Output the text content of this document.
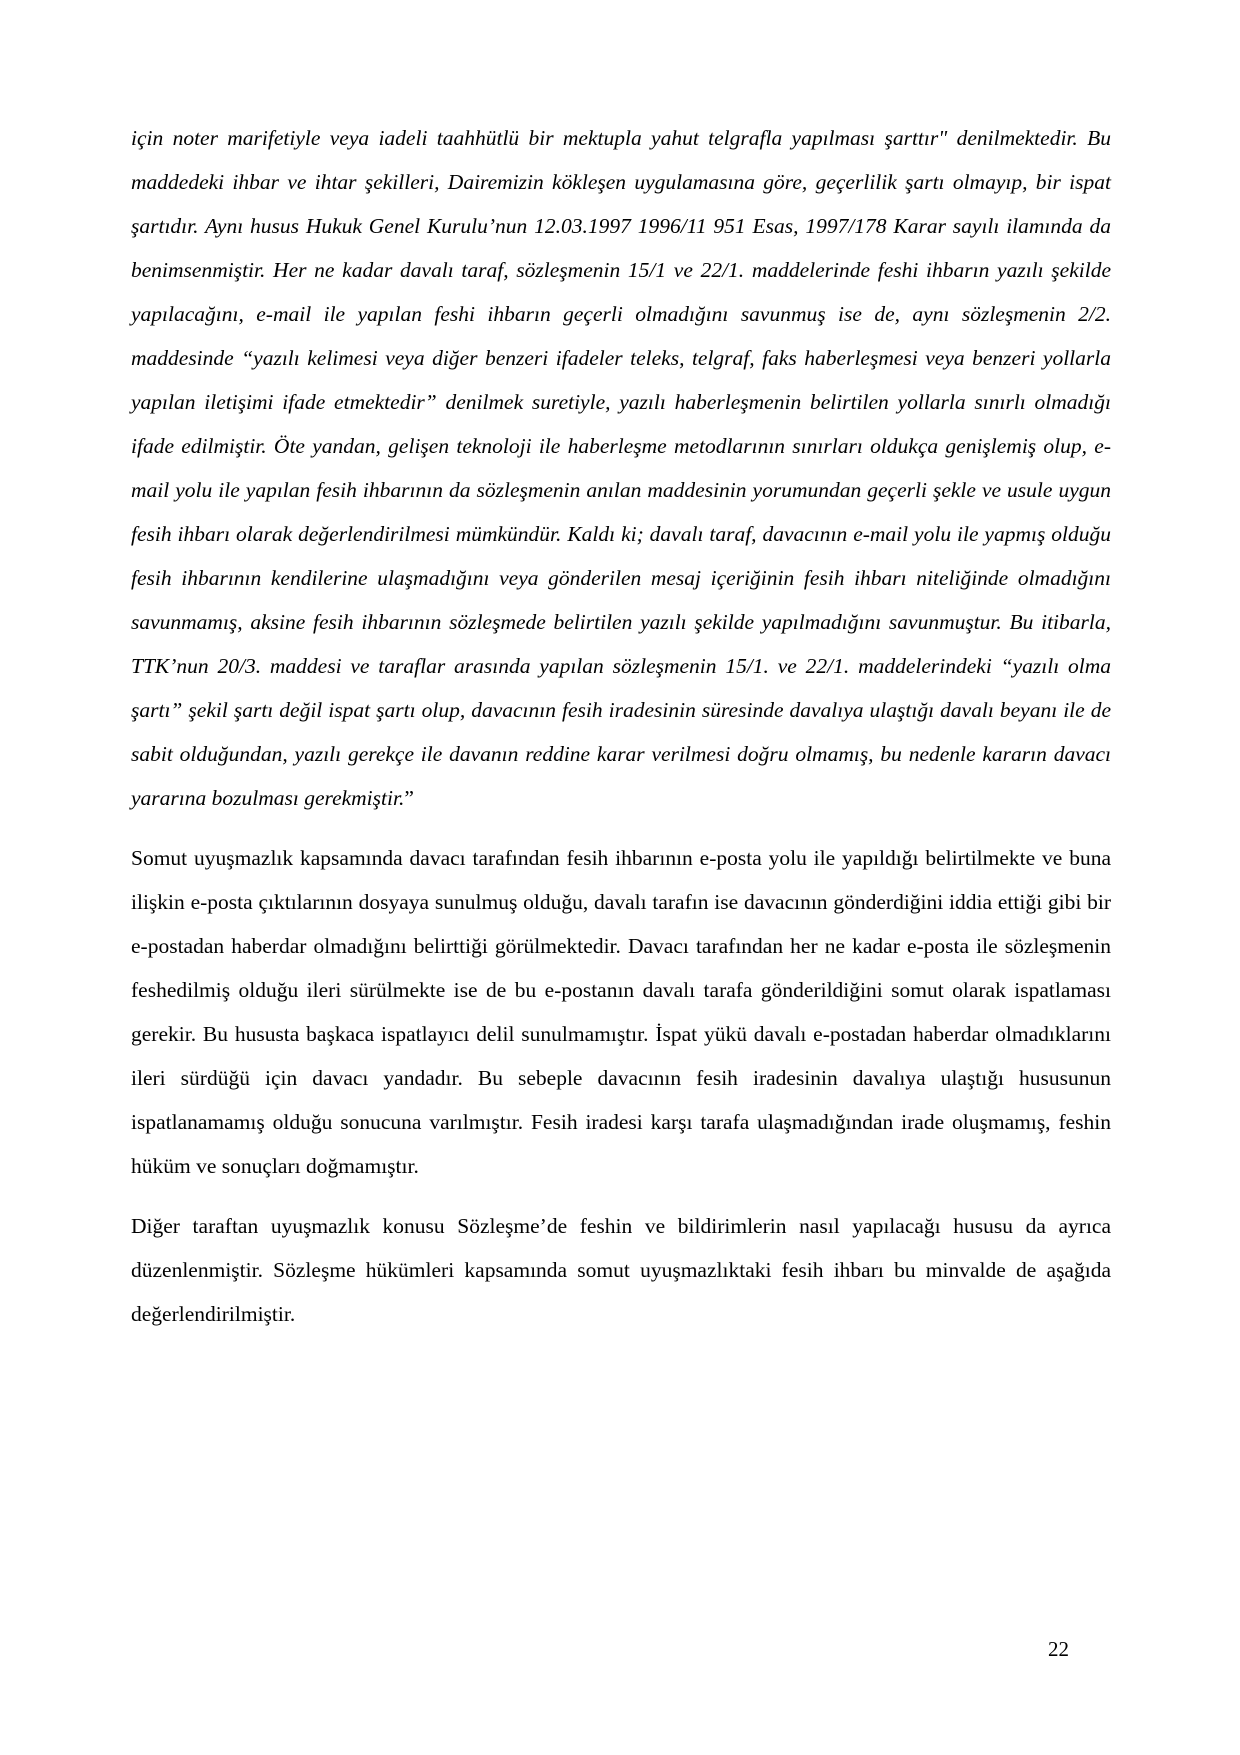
için noter marifetiyle veya iadeli taahhütlü bir mektupla yahut telgrafla yapılması şarttır" denilmektedir. Bu maddedeki ihbar ve ihtar şekilleri, Dairemizin kökleşen uygulamasına göre, geçerlilik şartı olmayıp, bir ispat şartıdır. Aynı husus Hukuk Genel Kurulu’nun 12.03.1997 1996/11 951 Esas, 1997/178 Karar sayılı ilamında da benimsenmiştir. Her ne kadar davalı taraf, sözleşmenin 15/1 ve 22/1. maddelerinde feshi ihbarın yazılı şekilde yapılacağını, e-mail ile yapılan feshi ihbarın geçerli olmadığını savunmuş ise de, aynı sözleşmenin 2/2. maddesinde “yazılı kelimesi veya diğer benzeri ifadeler teleks, telgraf, faks haberleşmesi veya benzeri yollarla yapılan iletişimi ifade etmektedir” denilmek suretiyle, yazılı haberleşmenin belirtilen yollarla sınırlı olmadığı ifade edilmiştir. Öte yandan, gelişen teknoloji ile haberleşme metodlarının sınırları oldukça genişlemiş olup, e-mail yolu ile yapılan fesih ihbarının da sözleşmenin anılan maddesinin yorumundan geçerli şekle ve usule uygun fesih ihbarı olarak değerlendirilmesi mümkündür. Kaldı ki; davalı taraf, davacının e-mail yolu ile yapmış olduğu fesih ihbarının kendilerine ulaşmadığını veya gönderilen mesaj içeriğinin fesih ihbarı niteliğinde olmadığını savunmamış, aksine fesih ihbarının sözleşmede belirtilen yazılı şekilde yapılmadığını savunmuştur. Bu itibarla, TTK’nun 20/3. maddesi ve taraflar arasında yapılan sözleşmenin 15/1. ve 22/1. maddelerindeki “yazılı olma şartı” şekil şartı değil ispat şartı olup, davacının fesih iradesinin süresinde davalıya ulaştığı davalı beyanı ile de sabit olduğundan, yazılı gerekçe ile davanın reddine karar verilmesi doğru olmamış, bu nedenle kararın davacı yararına bozulması gerekmiştir.”

Somut uyuşmazlık kapsamında davacı tarafından fesih ihbarının e-posta yolu ile yapıldığı belirtilmekte ve buna ilişkin e-posta çıktılarının dosyaya sunulmuş olduğu, davalı tarafın ise davacının gönderdiğini iddia ettiği gibi bir e-postadan haberdar olmadığını belirttiği görülmektedir. Davacı tarafından her ne kadar e-posta ile sözleşmenin feshedilmiş olduğu ileri sürülmekte ise de bu e-postanın davalı tarafa gönderildiğini somut olarak ispatlaması gerekir. Bu hususta başkaca ispatlayıcı delil sunulmamıştır. İspat yükü davalı e-postadan haberdar olmadıklarını ileri sürdüğü için davacı yandadır. Bu sebeple davacının fesih iradesinin davalıya ulaştığı hususunun ispatlanamamış olduğu sonucuna varılmıştır. Fesih iradesi karşı tarafa ulaşmadığından irade oluşmamış, feshin hüküm ve sonuçları doğmamıştır.

Diğer taraftan uyuşmazlık konusu Sözleşme’de feshin ve bildirimlerin nasıl yapılacağı hususu da ayrıca düzenlenmiştir. Sözleşme hükümleri kapsamında somut uyuşmazlıktaki fesih ihbarı bu minvalde de aşağıda değerlendirilmiştir.

22
